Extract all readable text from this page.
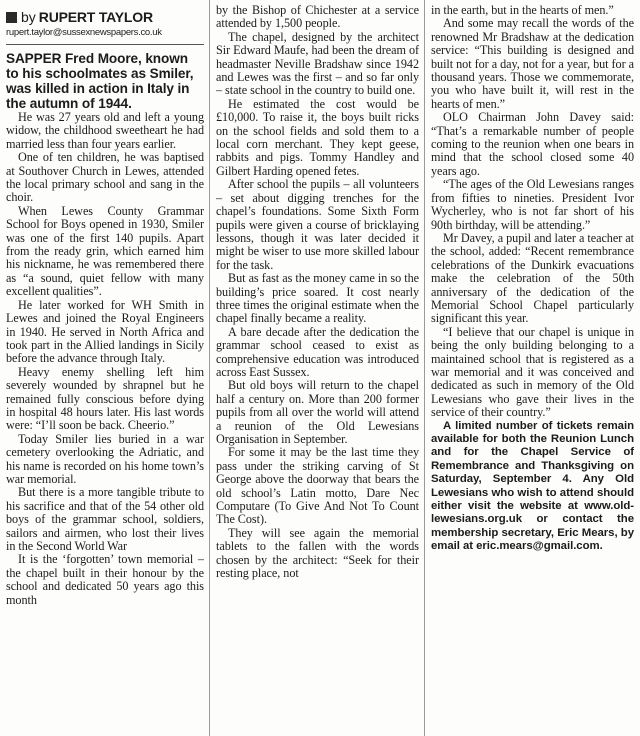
by RUPERT TAYLOR
rupert.taylor@sussexnewspapers.co.uk

SAPPER Fred Moore, known to his schoolmates as Smiler, was killed in action in Italy in the autumn of 1944.

He was 27 years old and left a young widow, the childhood sweetheart he had married less than four years earlier.

One of ten children, he was baptised at Southover Church in Lewes, attended the local primary school and sang in the choir.

When Lewes County Grammar School for Boys opened in 1930, Smiler was one of the first 140 pupils. Apart from the ready grin, which earned him his nickname, he was remembered there as “a sound, quiet fellow with many excellent qualities”.

He later worked for WH Smith in Lewes and joined the Royal Engineers in 1940. He served in North Africa and took part in the Allied landings in Sicily before the advance through Italy.

Heavy enemy shelling left him severely wounded by shrapnel but he remained fully conscious before dying in hospital 48 hours later. His last words were: “I’ll soon be back. Cheerio.”

Today Smiler lies buried in a war cemetery overlooking the Adriatic, and his name is recorded on his home town’s war memorial.

But there is a more tangible tribute to his sacrifice and that of the 54 other old boys of the grammar school, soldiers, sailors and airmen, who lost their lives in the Second World War

It is the ‘forgotten’ town memorial – the chapel built in their honour by the school and dedicated 50 years ago this month

by the Bishop of Chichester at a service attended by 1,500 people.

The chapel, designed by the architect Sir Edward Maufe, had been the dream of headmaster Neville Bradshaw since 1942 and Lewes was the first – and so far only – state school in the country to build one.

He estimated the cost would be £10,000. To raise it, the boys built ricks on the school fields and sold them to a local corn merchant. They kept geese, rabbits and pigs. Tommy Handley and Gilbert Harding opened fetes.

After school the pupils – all volunteers – set about digging trenches for the chapel’s foundations. Some Sixth Form pupils were given a course of bricklaying lessons, though it was later decided it might be wiser to use more skilled labour for the task.

But as fast as the money came in so the building’s price soared. It cost nearly three times the original estimate when the chapel finally became a reality.

A bare decade after the dedication the grammar school ceased to exist as comprehensive education was introduced across East Sussex.

But old boys will return to the chapel half a century on. More than 200 former pupils from all over the world will attend a reunion of the Old Lewesians Organisation in September.

For some it may be the last time they pass under the striking carving of St George above the doorway that bears the old school’s Latin motto, Dare Nec Computare (To Give And Not To Count The Cost).

They will see again the memorial tablets to the fallen with the words chosen by the architect: “Seek for their resting place, not

in the earth, but in the hearts of men.”

And some may recall the words of the renowned Mr Bradshaw at the dedication service: “This building is designed and built not for a day, not for a year, but for a thousand years. Those we commemorate, you who have built it, will rest in the hearts of men.”

OLO Chairman John Davey said: “That’s a remarkable number of people coming to the reunion when one bears in mind that the school closed some 40 years ago.

“The ages of the Old Lewesians ranges from fifties to nineties. President Ivor Wycherley, who is not far short of his 90th birthday, will be attending.”

Mr Davey, a pupil and later a teacher at the school, added: “Recent remembrance celebrations of the Dunkirk evacuations make the celebration of the 50th anniversary of the dedication of the Memorial School Chapel particularly significant this year.

“I believe that our chapel is unique in being the only building belonging to a maintained school that is registered as a war memorial and it was conceived and dedicated as such in memory of the Old Lewesians who gave their lives in the service of their country.”

A limited number of tickets remain available for both the Reunion Lunch and for the Chapel Service of Remembrance and Thanksgiving on Saturday, September 4. Any Old Lewesians who wish to attend should either visit the website at www.old-lewesians.org.uk or contact the membership secretary, Eric Mears, by email at eric.mears@gmail.com.
